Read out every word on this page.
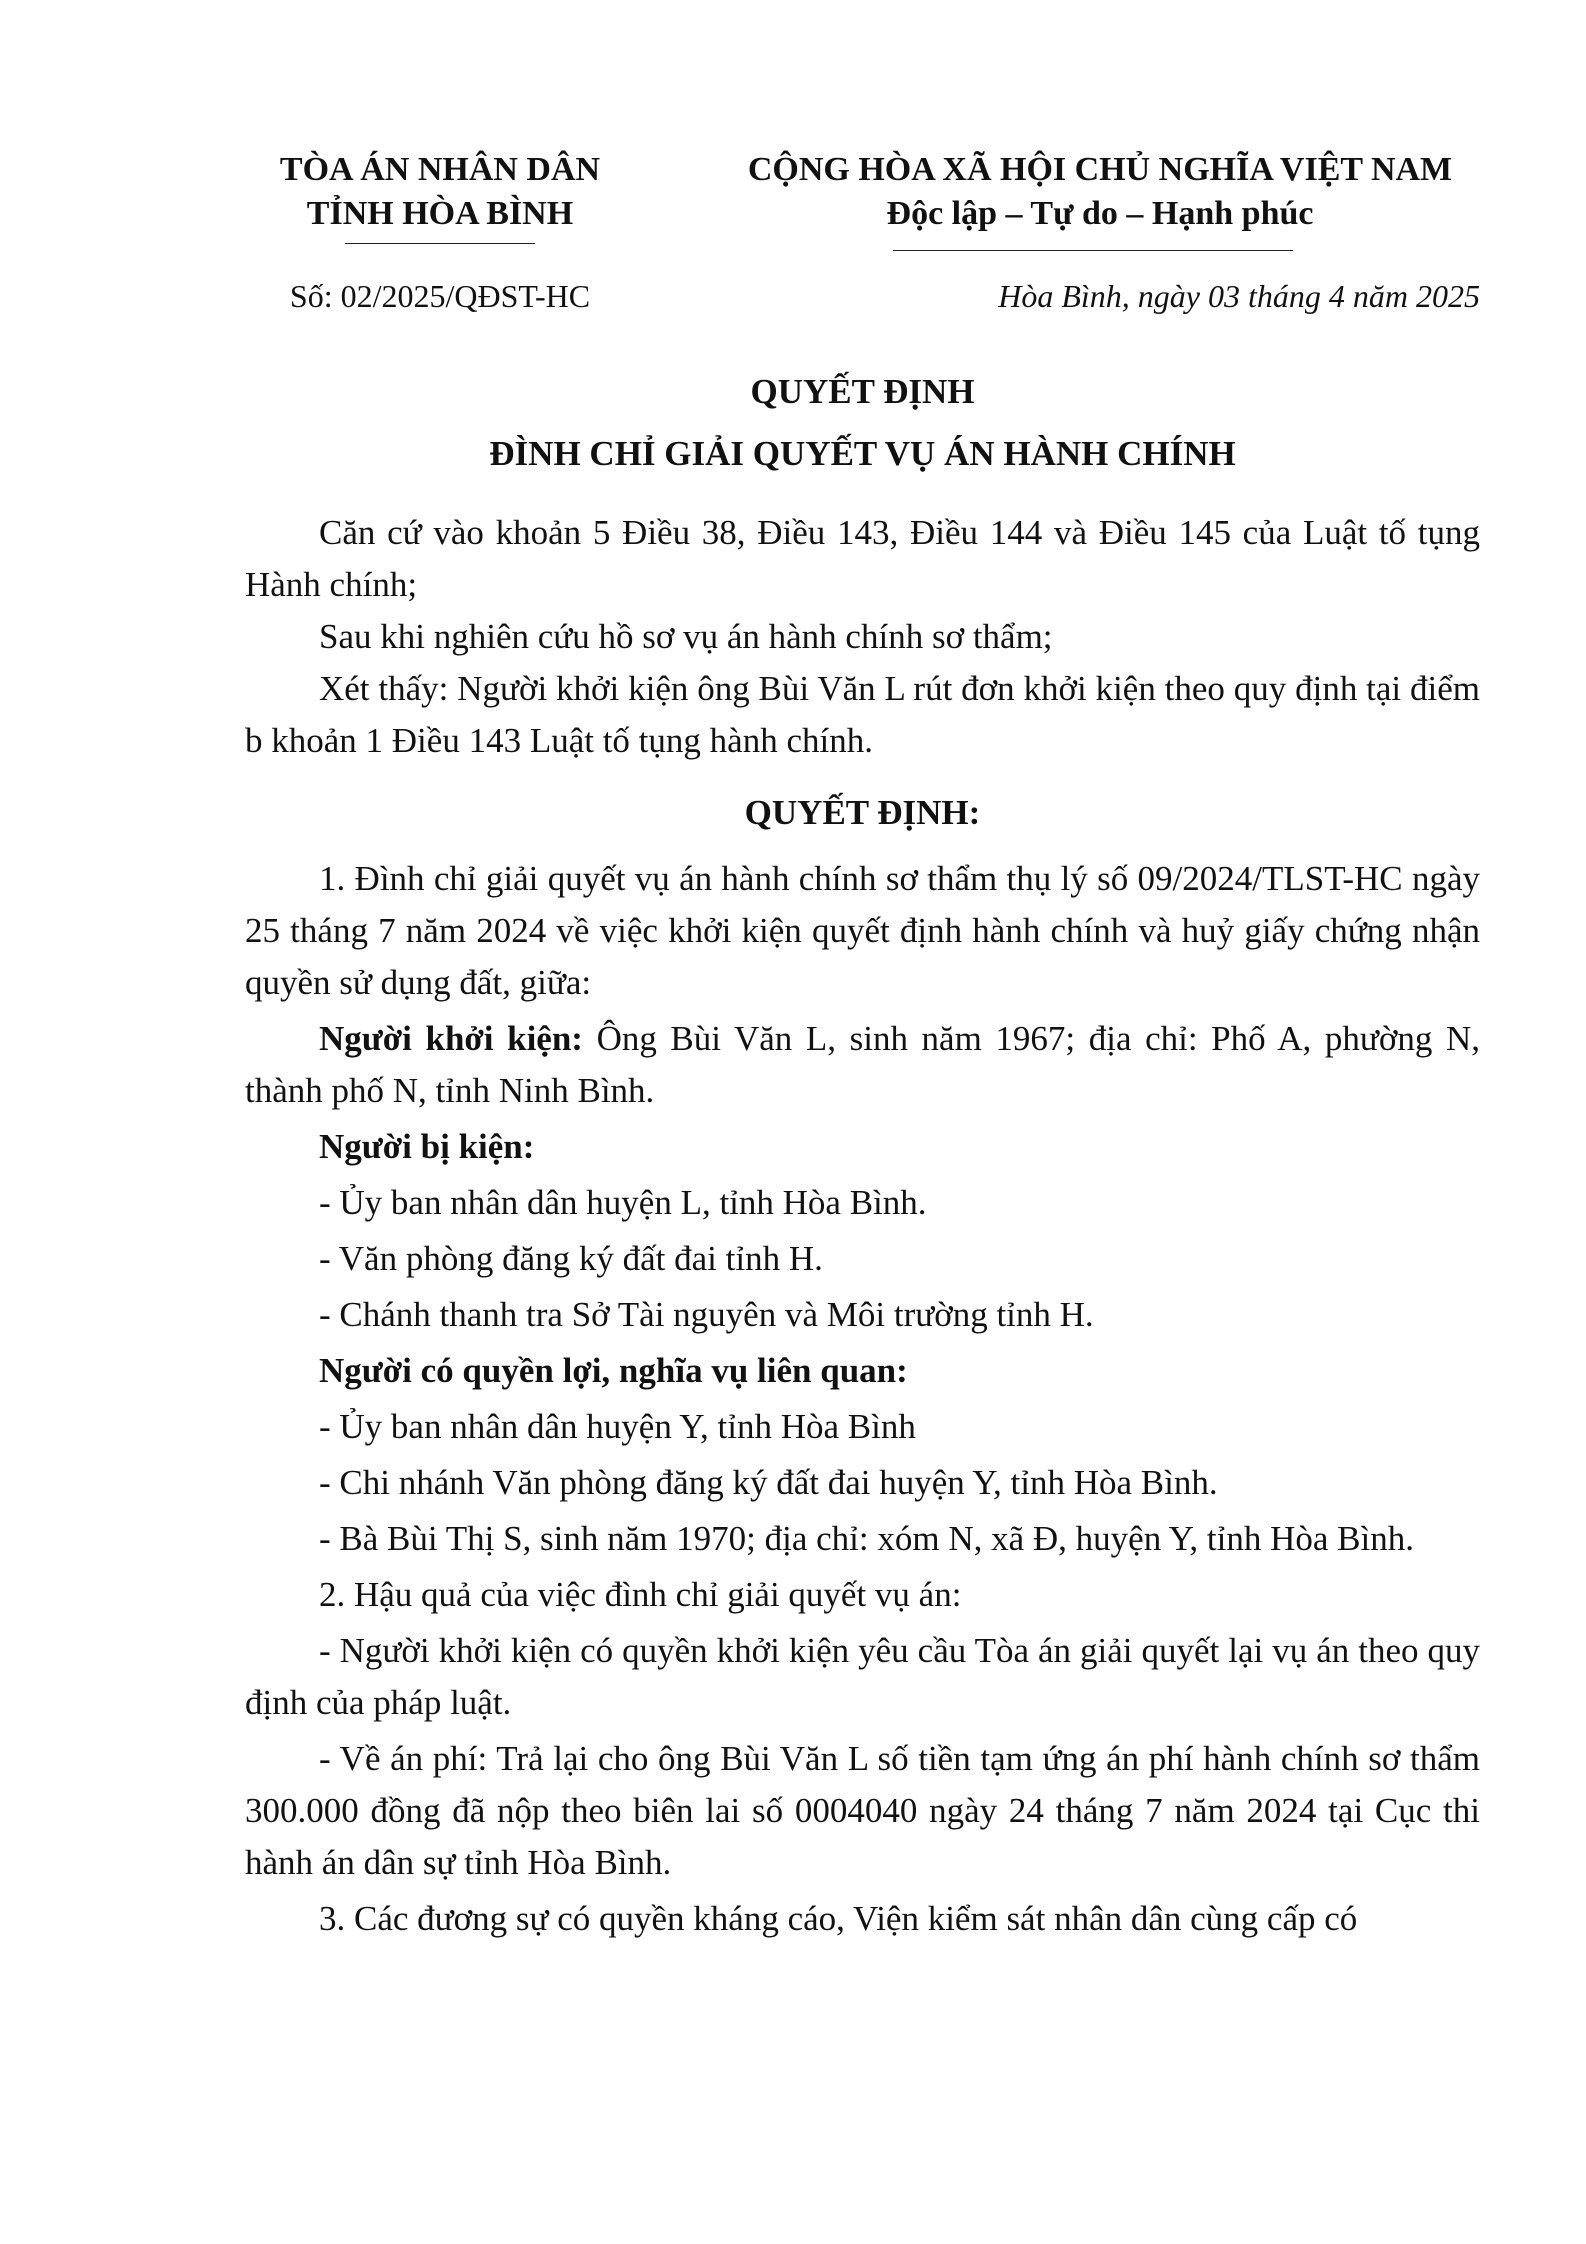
TÒA ÁN NHÂN DÂN
TỈNH HÒA BÌNH
CỘNG HÒA XÃ HỘI CHỦ NGHĨA VIỆT NAM
Độc lập – Tự do – Hạnh phúc
Số: 02/2025/QĐST-HC	Hòa Bình, ngày 03 tháng 4 năm 2025
QUYẾT ĐỊNH
ĐÌNH CHỈ GIẢI QUYẾT VỤ ÁN HÀNH CHÍNH

Căn cứ vào khoản 5 Điều 38, Điều 143, Điều 144 và Điều 145 của Luật tố tụng Hành chính;

Sau khi nghiên cứu hồ sơ vụ án hành chính sơ thẩm;

Xét thấy: Người khởi kiện ông Bùi Văn L rút đơn khởi kiện theo quy định tại điểm b khoản 1 Điều 143 Luật tố tụng hành chính.

QUYẾT ĐỊNH:

1. Đình chỉ giải quyết vụ án hành chính sơ thẩm thụ lý số 09/2024/TLST-HC ngày 25 tháng 7 năm 2024 về việc khởi kiện quyết định hành chính và huỷ giấy chứng nhận quyền sử dụng đất, giữa:

Người khởi kiện: Ông Bùi Văn L, sinh năm 1967; địa chỉ: Phố A, phường N, thành phố N, tỉnh Ninh Bình.

Người bị kiện:

- Ủy ban nhân dân huyện L, tỉnh Hòa Bình.

- Văn phòng đăng ký đất đai tỉnh H.

- Chánh thanh tra Sở Tài nguyên và Môi trường tỉnh H.

Người có quyền lợi, nghĩa vụ liên quan:

- Ủy ban nhân dân huyện Y, tỉnh Hòa Bình

- Chi nhánh Văn phòng đăng ký đất đai huyện Y, tỉnh Hòa Bình.

- Bà Bùi Thị S, sinh năm 1970; địa chỉ: xóm N, xã Đ, huyện Y, tỉnh Hòa Bình.

2. Hậu quả của việc đình chỉ giải quyết vụ án:

- Người khởi kiện có quyền khởi kiện yêu cầu Tòa án giải quyết lại vụ án theo quy định của pháp luật.

- Về án phí: Trả lại cho ông Bùi Văn L số tiền tạm ứng án phí hành chính sơ thẩm 300.000 đồng đã nộp theo biên lai số 0004040 ngày 24 tháng 7 năm 2024 tại Cục thi hành án dân sự tỉnh Hòa Bình.

3. Các đương sự có quyền kháng cáo, Viện kiểm sát nhân dân cùng cấp có
